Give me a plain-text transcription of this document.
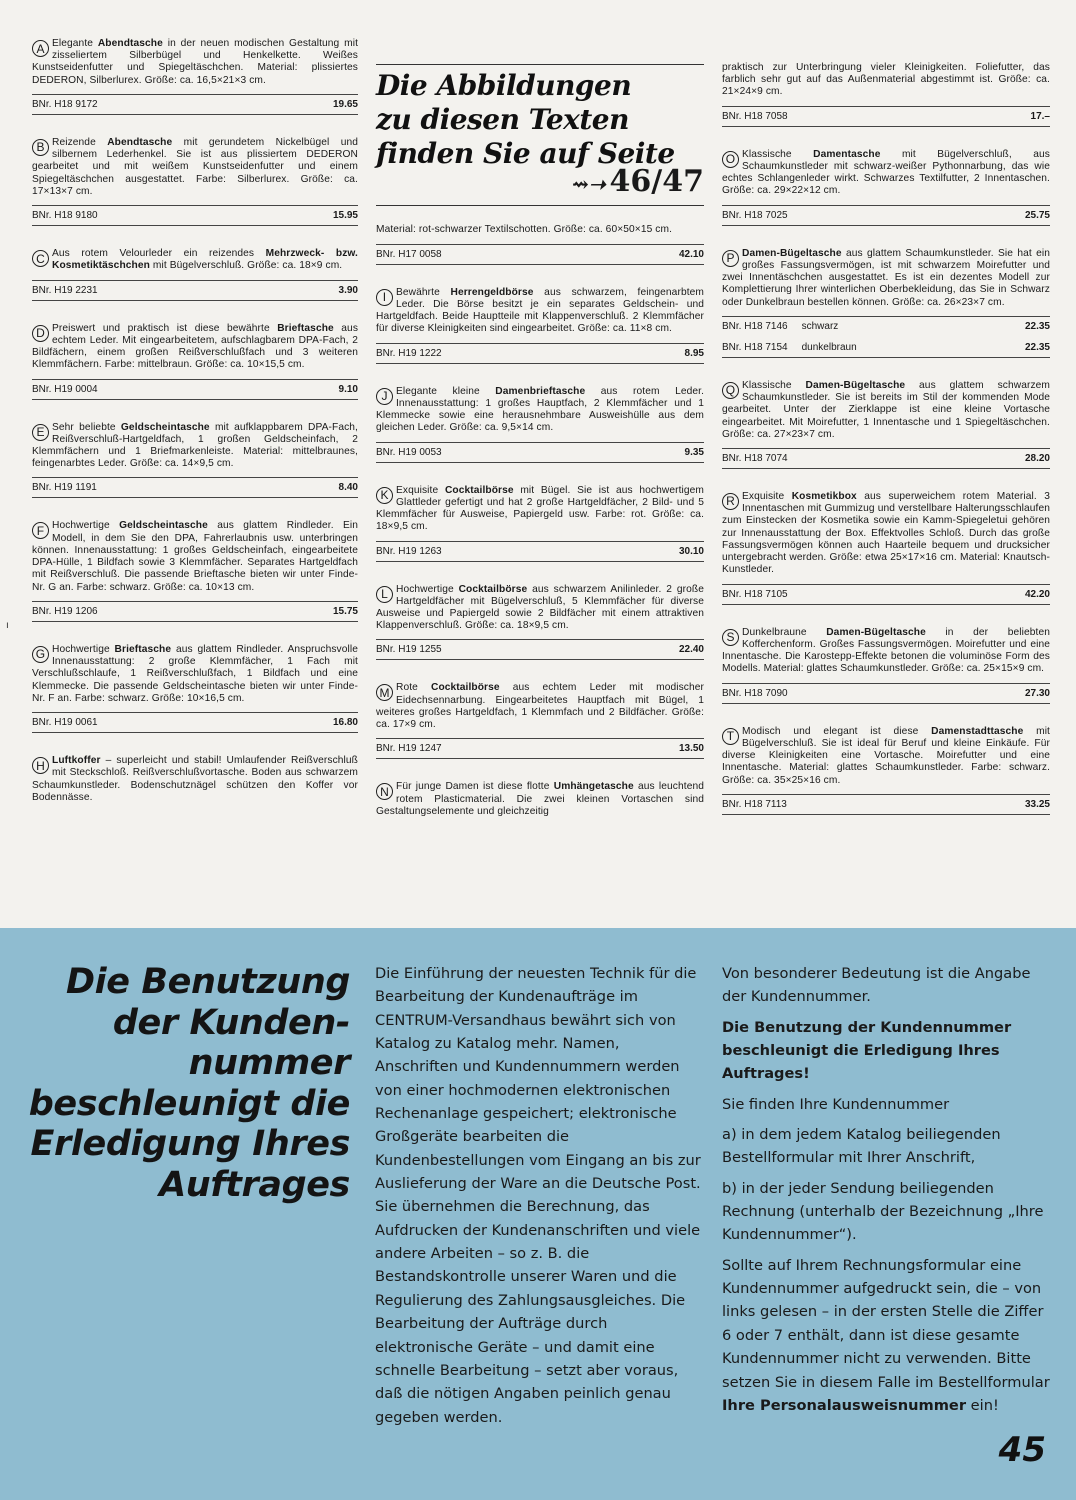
A Elegante Abendtasche in der neuen modischen Gestaltung mit zisseliertem Silberbügel und Henkelkette. Weißes Kunstseidenfutter und Spiegeltäschchen. Material: plissiertes DEDERON, Silberlurex. Größe: ca. 16,5×21×3 cm.
BNr. H18 9172	19.65
B Reizende Abendtasche mit gerundetem Nickelbügel und silbernem Lederhenkel. Sie ist aus plissiertem DEDERON gearbeitet und mit weißem Kunstseidenfutter und einem Spiegeltäschchen ausgestattet. Farbe: Silberlurex. Größe: ca. 17×13×7 cm.
BNr. H18 9180	15.95
C Aus rotem Velourleder ein reizendes Mehrzweck- bzw. Kosmetiktäschchen mit Bügelverschluß. Größe: ca. 18×9 cm.
BNr. H19 2231	3.90
D Preiswert und praktisch ist diese bewährte Brieftasche aus echtem Leder. Mit eingearbeitetem, aufschlagbarem DPA-Fach, 2 Bildfächern, einem großen Reißverschlußfach und 3 weiteren Klemmfächern. Farbe: mittelbraun. Größe: ca. 10×15,5 cm.
BNr. H19 0004	9.10
E Sehr beliebte Geldscheintasche mit aufklappbarem DPA-Fach, Reißverschluß-Hartgeldfach, 1 großen Geldscheinfach, 2 Klemmfächern und 1 Briefmarkenleiste. Material: mittelbraunes, feingenarbtes Leder. Größe: ca. 14×9,5 cm.
BNr. H19 1191	8.40
F Hochwertige Geldscheintasche aus glattem Rindleder. Ein Modell, in dem Sie den DPA, Fahrerlaubnis usw. unterbringen können. Innenausstattung: 1 großes Geldscheinfach, eingearbeitete DPA-Hülle, 1 Bildfach sowie 3 Klemmfächer. Separates Hartgeldfach mit Reißverschluß. Die passende Brieftasche bieten wir unter Finde-Nr. G an. Farbe: schwarz. Größe: ca. 10×13 cm.
BNr. H19 1206	15.75
G Hochwertige Brieftasche aus glattem Rindleder. Anspruchsvolle Innenausstattung: 2 große Klemmfächer, 1 Fach mit Verschlußschlaufe, 1 Reißverschlußfach, 1 Bildfach und eine Klemmecke. Die passende Geldscheintasche bieten wir unter Finde-Nr. F an. Farbe: schwarz. Größe: 10×16,5 cm.
BNr. H19 0061	16.80
H Luftkoffer – superleicht und stabil! Umlaufender Reißverschluß mit Steckschloß. Reißverschlußvortasche. Boden aus schwarzem Schaumkunstleder. Bodenschutznägel schützen den Koffer vor Bodennässe.
Die Abbildungen
zu diesen Texten
finden Sie auf Seite
⇝➝ 46/47
Material: rot-schwarzer Textilschotten. Größe: ca. 60×50×15 cm.
BNr. H17 0058	42.10
I Bewährte Herrengeldbörse aus schwarzem, feingenarbtem Leder. Die Börse besitzt je ein separates Geldschein- und Hartgeldfach. Beide Hauptteile mit Klappenverschluß. 2 Klemmfächer für diverse Kleinigkeiten sind eingearbeitet. Größe: ca. 11×8 cm.
BNr. H19 1222	8.95
J Elegante kleine Damenbrieftasche aus rotem Leder. Innenausstattung: 1 großes Hauptfach, 2 Klemmfächer und 1 Klemmecke sowie eine herausnehmbare Ausweishülle aus dem gleichen Leder. Größe: ca. 9,5×14 cm.
BNr. H19 0053	9.35
K Exquisite Cocktailbörse mit Bügel. Sie ist aus hochwertigem Glattleder gefertigt und hat 2 große Hartgeldfächer, 2 Bild- und 5 Klemmfächer für Ausweise, Papiergeld usw. Farbe: rot. Größe: ca. 18×9,5 cm.
BNr. H19 1263	30.10
L Hochwertige Cocktailbörse aus schwarzem Anilinleder. 2 große Hartgeldfächer mit Bügelverschluß, 5 Klemmfächer für diverse Ausweise und Papiergeld sowie 2 Bildfächer mit einem attraktiven Klappenverschluß. Größe: ca. 18×9,5 cm.
BNr. H19 1255	22.40
M Rote Cocktailbörse aus echtem Leder mit modischer Eidechsennarbung. Eingearbeitetes Hauptfach mit Bügel, 1 weiteres großes Hartgeldfach, 1 Klemmfach und 2 Bildfächer. Größe: ca. 17×9 cm.
BNr. H19 1247	13.50
N Für junge Damen ist diese flotte Umhängetasche aus leuchtend rotem Plasticmaterial. Die zwei kleinen Vortaschen sind Gestaltungselemente und gleichzeitig
praktisch zur Unterbringung vieler Kleinigkeiten. Foliefutter, das farblich sehr gut auf das Außenmaterial abgestimmt ist. Größe: ca. 21×24×9 cm.
BNr. H18 7058	17.–
O Klassische Damentasche mit Bügelverschluß, aus Schaumkunstleder mit schwarz-weißer Pythonnarbung, das wie echtes Schlangenleder wirkt. Schwarzes Textilfutter, 2 Innentaschen. Größe: ca. 29×22×12 cm.
BNr. H18 7025	25.75
P Damen-Bügeltasche aus glattem Schaumkunstleder. Sie hat ein großes Fassungsvermögen, ist mit schwarzem Moirefutter und zwei Innentäschchen ausgestattet. Es ist ein dezentes Modell zur Komplettierung Ihrer winterlichen Oberbekleidung, das Sie in Schwarz oder Dunkelbraun bestellen können. Größe: ca. 26×23×7 cm.
BNr. H18 7146 schwarz	22.35
BNr. H18 7154 dunkelbraun	22.35
Q Klassische Damen-Bügeltasche aus glattem schwarzem Schaumkunstleder. Sie ist bereits im Stil der kommenden Mode gearbeitet. Unter der Zierklappe ist eine kleine Vortasche eingearbeitet. Mit Moirefutter, 1 Innentasche und 1 Spiegeltäschchen. Größe: ca. 27×23×7 cm.
BNr. H18 7074	28.20
R Exquisite Kosmetikbox aus superweichem rotem Material. 3 Innentaschen mit Gummizug und verstellbare Halterungsschlaufen zum Einstecken der Kosmetika sowie ein Kamm-Spiegeletui gehören zur Innenausstattung der Box. Effektvolles Schloß. Durch das große Fassungsvermögen können auch Haarteile bequem und drucksicher untergebracht werden. Größe: etwa 25×17×16 cm. Material: Knautsch-Kunstleder.
BNr. H18 7105	42.20
S Dunkelbraune Damen-Bügeltasche in der beliebten Kofferchenform. Großes Fassungsvermögen. Moirefutter und eine Innentasche. Die Karostepp-Effekte betonen die voluminöse Form des Modells. Material: glattes Schaumkunstleder. Größe: ca. 25×15×9 cm.
BNr. H18 7090	27.30
T Modisch und elegant ist diese Damenstadttasche mit Bügelverschluß. Sie ist ideal für Beruf und kleine Einkäufe. Für diverse Kleinigkeiten eine Vortasche. Moirefutter und eine Innentasche. Material: glattes Schaumkunstleder. Farbe: schwarz. Größe: ca. 35×25×16 cm.
BNr. H18 7113	33.25
ı
Die Benutzung der Kunden-nummer beschleunigt die Erledigung Ihres Auftrages
Die Einführung der neuesten Technik für die Bearbeitung der Kundenaufträge im CENTRUM-Versandhaus bewährt sich von Katalog zu Katalog mehr. Namen, Anschriften und Kundennummern werden von einer hochmodernen elektronischen Rechenanlage gespeichert; elektronische Großgeräte bearbeiten die Kundenbestellungen vom Eingang an bis zur Auslieferung der Ware an die Deutsche Post. Sie übernehmen die Berechnung, das Aufdrucken der Kundenanschriften und viele andere Arbeiten – so z. B. die Bestandskontrolle unserer Waren und die Regulierung des Zahlungsausgleiches. Die Bearbeitung der Aufträge durch elektronische Geräte – und damit eine schnelle Bearbeitung – setzt aber voraus, daß die nötigen Angaben peinlich genau gegeben werden.

Von besonderer Bedeutung ist die Angabe der Kundennummer.

Die Benutzung der Kundennummer beschleunigt die Erledigung Ihres Auftrages!

Sie finden Ihre Kundennummer

a) in dem jedem Katalog beiliegenden Bestellformular mit Ihrer Anschrift,

b) in der jeder Sendung beiliegenden Rechnung (unterhalb der Bezeichnung „Ihre Kundennummer“).

Sollte auf Ihrem Rechnungsformular eine Kundennummer aufgedruckt sein, die – von links gelesen – in der ersten Stelle die Ziffer 6 oder 7 enthält, dann ist diese gesamte Kundennummer nicht zu verwenden. Bitte setzen Sie in diesem Falle im Bestellformular Ihre Personalausweisnummer ein!

45
